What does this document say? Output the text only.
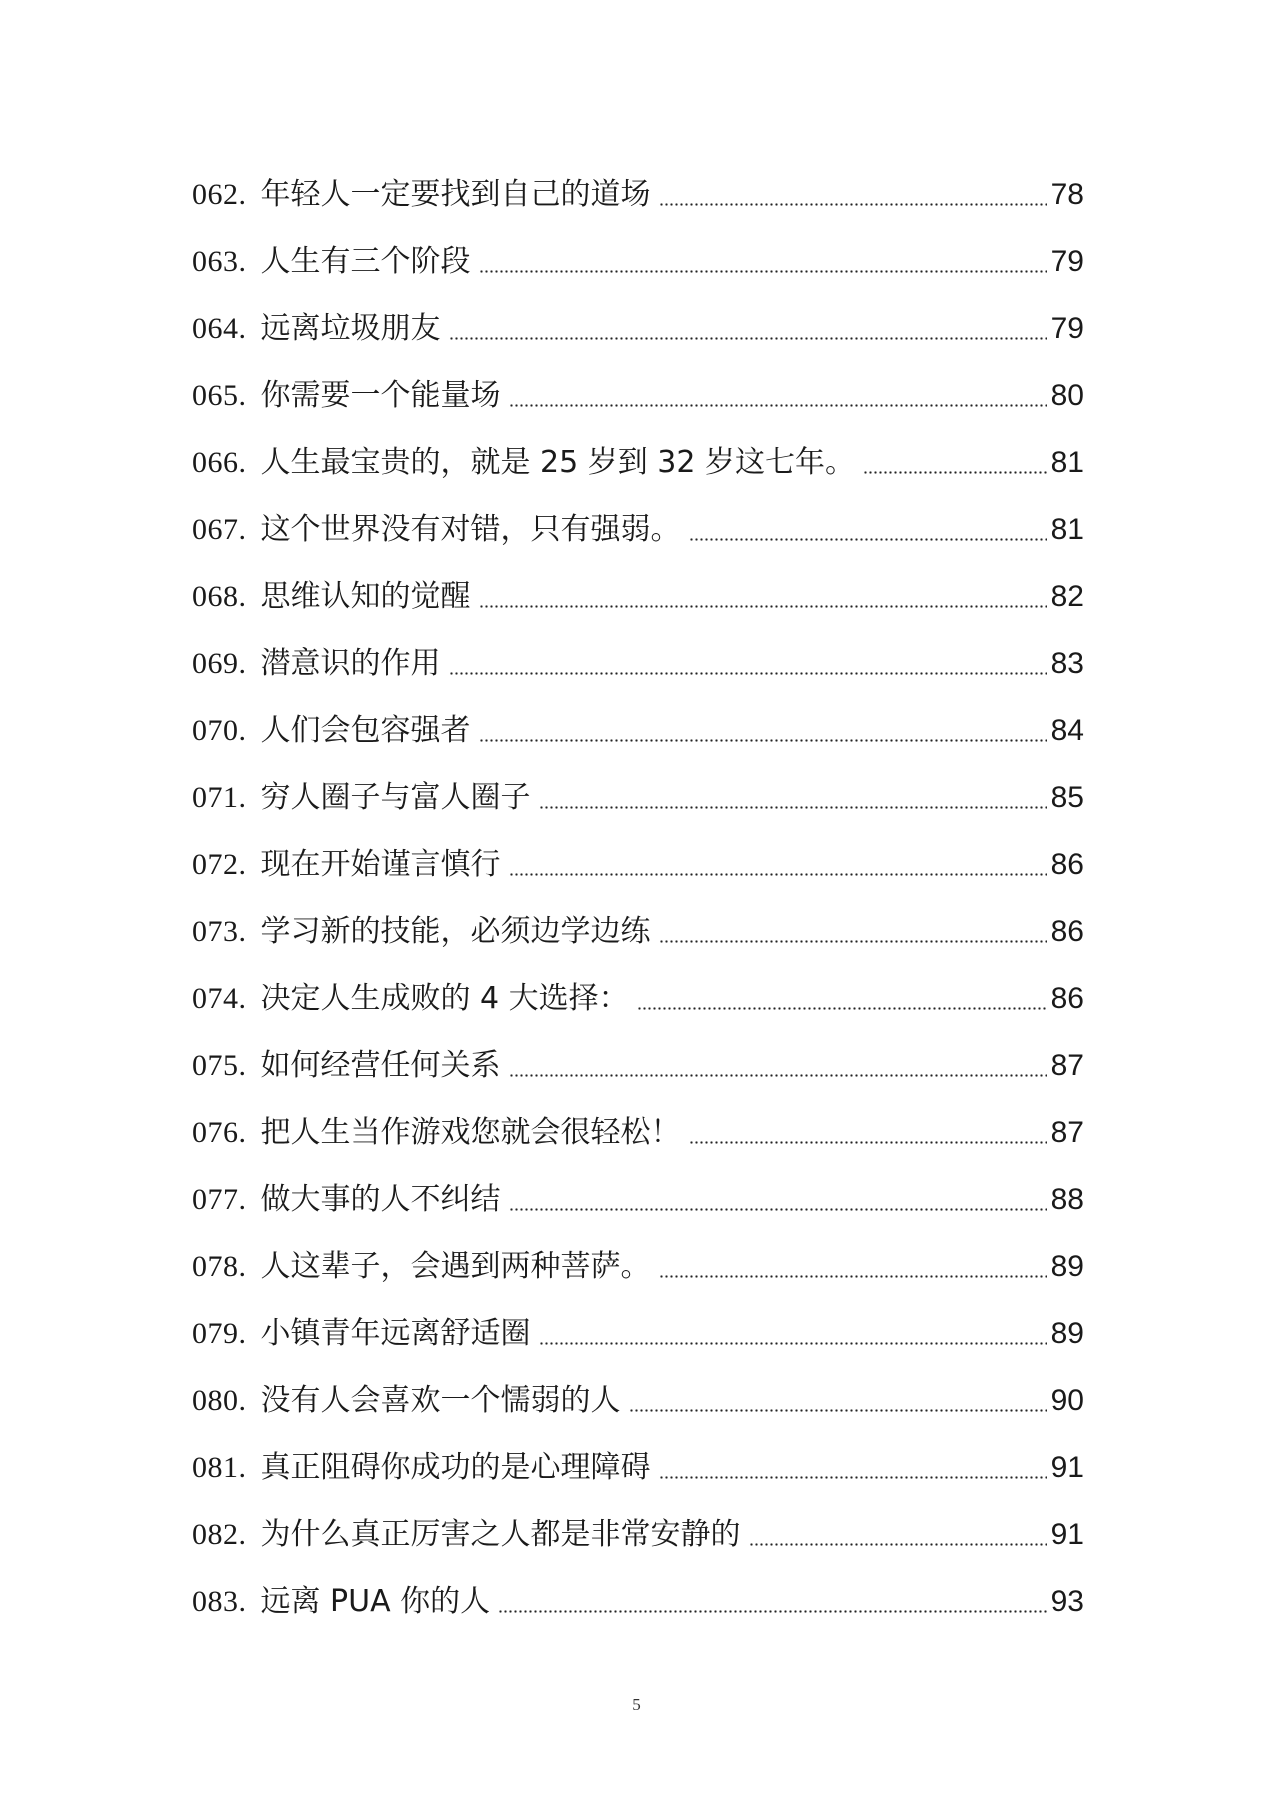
062. 年轻人一定要找到自己的道场	78
063. 人生有三个阶段	79
064. 远离垃圾朋友	79
065. 你需要一个能量场	80
066. 人生最宝贵的，就是 25 岁到 32 岁这七年。	81
067. 这个世界没有对错，只有强弱。	81
068. 思维认知的觉醒	82
069. 潜意识的作用	83
070. 人们会包容强者	84
071. 穷人圈子与富人圈子	85
072. 现在开始谨言慎行	86
073. 学习新的技能，必须边学边练	86
074. 决定人生成败的 4 大选择：	86
075. 如何经营任何关系	87
076. 把人生当作游戏您就会很轻松！	87
077. 做大事的人不纠结	88
078. 人这辈子，会遇到两种菩萨。	89
079. 小镇青年远离舒适圈	89
080. 没有人会喜欢一个懦弱的人	90
081. 真正阻碍你成功的是心理障碍	91
082. 为什么真正厉害之人都是非常安静的	91
083. 远离 PUA 你的人	93
5
